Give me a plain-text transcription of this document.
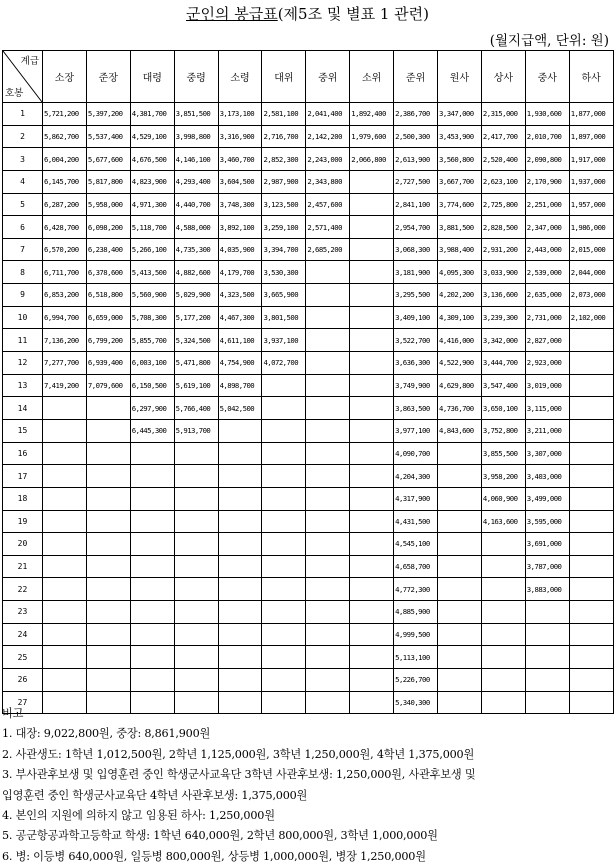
군인의 봉급표(제5조 및 별표 1 관련)
(월지급액, 단위: 원)
계급
호봉	소장	준장	대령	중령	소령	대위	중위	소위	준위	원사	상사	중사	하사
1	5,721,200	5,397,200	4,381,700	3,851,500	3,173,100	2,581,100	2,041,400	1,892,400	2,386,700	3,347,000	2,315,000	1,930,600	1,877,000
2	5,862,700	5,537,400	4,529,100	3,998,800	3,316,900	2,716,700	2,142,200	1,979,600	2,500,300	3,453,900	2,417,700	2,010,700	1,897,000
3	6,004,200	5,677,600	4,676,500	4,146,100	3,460,700	2,852,300	2,243,000	2,066,800	2,613,900	3,560,800	2,520,400	2,090,800	1,917,000
4	6,145,700	5,817,800	4,823,900	4,293,400	3,604,500	2,987,900	2,343,800		2,727,500	3,667,700	2,623,100	2,170,900	1,937,000
5	6,287,200	5,958,000	4,971,300	4,440,700	3,748,300	3,123,500	2,457,600		2,841,100	3,774,600	2,725,800	2,251,000	1,957,000
6	6,428,700	6,098,200	5,118,700	4,588,000	3,892,100	3,259,100	2,571,400		2,954,700	3,881,500	2,828,500	2,347,000	1,986,000
7	6,570,200	6,238,400	5,266,100	4,735,300	4,035,900	3,394,700	2,685,200		3,068,300	3,988,400	2,931,200	2,443,000	2,015,000
8	6,711,700	6,378,600	5,413,500	4,882,600	4,179,700	3,530,300			3,181,900	4,095,300	3,033,900	2,539,000	2,044,000
9	6,853,200	6,518,800	5,560,900	5,029,900	4,323,500	3,665,900			3,295,500	4,202,200	3,136,600	2,635,000	2,073,000
10	6,994,700	6,659,000	5,708,300	5,177,200	4,467,300	3,801,500			3,409,100	4,309,100	3,239,300	2,731,000	2,102,000
11	7,136,200	6,799,200	5,855,700	5,324,500	4,611,100	3,937,100			3,522,700	4,416,000	3,342,000	2,827,000	
12	7,277,700	6,939,400	6,003,100	5,471,800	4,754,900	4,072,700			3,636,300	4,522,900	3,444,700	2,923,000	
13	7,419,200	7,079,600	6,150,500	5,619,100	4,898,700				3,749,900	4,629,800	3,547,400	3,019,000	
14			6,297,900	5,766,400	5,042,500				3,863,500	4,736,700	3,650,100	3,115,000	
15			6,445,300	5,913,700					3,977,100	4,843,600	3,752,800	3,211,000	
16									4,090,700		3,855,500	3,307,000	
17									4,204,300		3,958,200	3,403,000	
18									4,317,900		4,060,900	3,499,000	
19									4,431,500		4,163,600	3,595,000	
20									4,545,100			3,691,000	
21									4,658,700			3,787,000	
22									4,772,300			3,883,000	
23									4,885,900				
24									4,999,500				
25									5,113,100				
26									5,226,700				
27									5,340,300				
비고
1. 대장: 9,022,800원, 중장: 8,861,900원
2. 사관생도: 1학년 1,012,500원, 2학년 1,125,000원, 3학년 1,250,000원, 4학년 1,375,000원
3. 부사관후보생 및 입영훈련 중인 학생군사교육단 3학년 사관후보생: 1,250,000원, 사관후보생 및
입영훈련 중인 학생군사교육단 4학년 사관후보생: 1,375,000원
4. 본인의 지원에 의하지 않고 임용된 하사: 1,250,000원
5. 공군항공과학고등학교 학생: 1학년 640,000원, 2학년 800,000원, 3학년 1,000,000원
6. 병: 이등병 640,000원, 일등병 800,000원, 상등병 1,000,000원, 병장 1,250,000원
